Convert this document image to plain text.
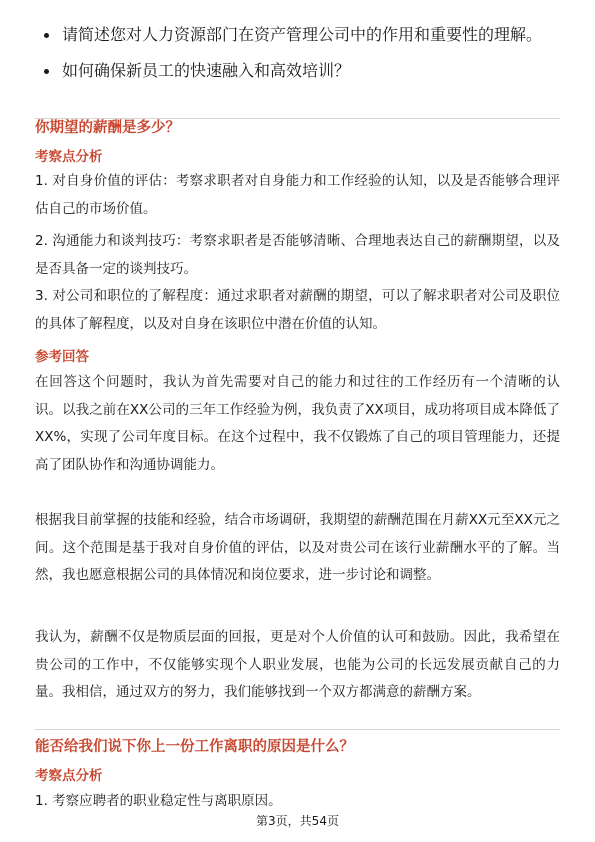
请简述您对人力资源部门在资产管理公司中的作用和重要性的理解。
如何确保新员工的快速融入和高效培训？
你期望的薪酬是多少？
考察点分析
1. 对自身价值的评估：考察求职者对自身能力和工作经验的认知，以及是否能够合理评估自己的市场价值。
2. 沟通能力和谈判技巧：考察求职者是否能够清晰、合理地表达自己的薪酬期望，以及是否具备一定的谈判技巧。
3. 对公司和职位的了解程度：通过求职者对薪酬的期望，可以了解求职者对公司及职位的具体了解程度，以及对自身在该职位中潜在价值的认知。
参考回答
在回答这个问题时，我认为首先需要对自己的能力和过往的工作经历有一个清晰的认识。以我之前在XX公司的三年工作经验为例，我负责了XX项目，成功将项目成本降低了XX%，实现了公司年度目标。在这个过程中，我不仅锻炼了自己的项目管理能力，还提高了团队协作和沟通协调能力。
根据我目前掌握的技能和经验，结合市场调研，我期望的薪酬范围在月薪XX元至XX元之间。这个范围是基于我对自身价值的评估，以及对贵公司在该行业薪酬水平的了解。当然，我也愿意根据公司的具体情况和岗位要求，进一步讨论和调整。
我认为，薪酬不仅是物质层面的回报，更是对个人价值的认可和鼓励。因此，我希望在贵公司的工作中，不仅能够实现个人职业发展，也能为公司的长远发展贡献自己的力量。我相信，通过双方的努力，我们能够找到一个双方都满意的薪酬方案。
能否给我们说下你上一份工作离职的原因是什么？
考察点分析
1. 考察应聘者的职业稳定性与离职原因。
第3页，共54页
